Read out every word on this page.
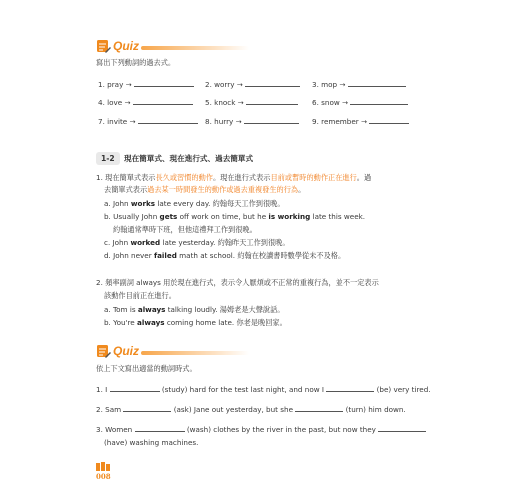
Quiz
寫出下列動詞的過去式。
1. pray →	2. worry →	3. mop →
4. love →	5. knock →	6. snow →
7. invite →	8. hurry →	9. remember →
1-2	現在簡單式、現在進行式、過去簡單式
1. 現在簡單式表示長久或習慣的動作。現在進行式表示目前或暫時的動作正在進行。過
去簡單式表示過去某一時間發生的動作或過去重複發生的行為。
a. John works late every day. 約翰每天工作到很晚。
b. Usually John gets off work on time, but he is working late this week.
約翰通常準時下班，但他這禮拜工作到很晚。
c. John worked late yesterday. 約翰昨天工作到很晚。
d. John never failed math at school. 約翰在校讀書時數學從未不及格。
2. 頻率副詞 always 用於現在進行式，表示令人厭煩或不正常的重複行為，並不一定表示
該動作目前正在進行。
a. Tom is always talking loudly. 湯姆老是大聲說話。
b. You're always coming home late. 你老是晚回家。
Quiz
依上下文寫出適當的動詞時式。
1. I	(study) hard for the test last night, and now I	(be) very tired.
2. Sam	(ask) Jane out yesterday, but she	(turn) him down.
3. Women	(wash) clothes by the river in the past, but now they
(have) washing machines.
008
